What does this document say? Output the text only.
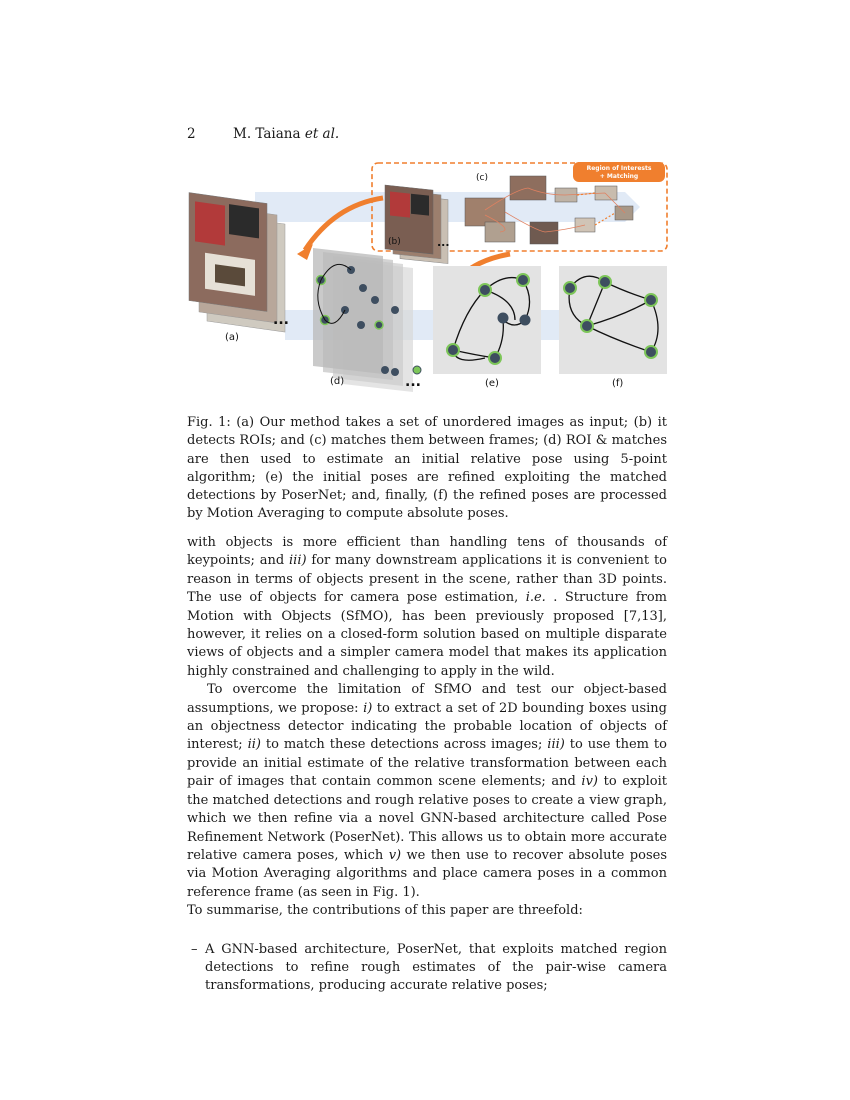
2	M. Taiana et al.
...
(a)
Region of Interests
+ Matching
(b)	...
(c)
(d)	...	(e)	(f)
Fig. 1: (a) Our method takes a set of unordered images as input; (b) it detects ROIs; and (c) matches them between frames; (d) ROI & matches are then used to estimate an initial relative pose using 5-point algorithm; (e) the initial poses are refined exploiting the matched detections by PoserNet; and, finally, (f) the refined poses are processed by Motion Averaging to compute absolute poses.

with objects is more efficient than handling tens of thousands of keypoints; and iii) for many downstream applications it is convenient to reason in terms of objects present in the scene, rather than 3D points. The use of objects for camera pose estimation, i.e. . Structure from Motion with Objects (SfMO), has been previously proposed [7,13], however, it relies on a closed-form solution based on multiple disparate views of objects and a simpler camera model that makes its application highly constrained and challenging to apply in the wild.

To overcome the limitation of SfMO and test our object-based assumptions, we propose: i) to extract a set of 2D bounding boxes using an objectness detector indicating the probable location of objects of interest; ii) to match these detections across images; iii) to use them to provide an initial estimate of the relative transformation between each pair of images that contain common scene elements; and iv) to exploit the matched detections and rough relative poses to create a view graph, which we then refine via a novel GNN-based architecture called Pose Refinement Network (PoserNet). This allows us to obtain more accurate relative camera poses, which v) we then use to recover absolute poses via Motion Averaging algorithms and place camera poses in a common reference frame (as seen in Fig. 1).

To summarise, the contributions of this paper are threefold:

– A GNN-based architecture, PoserNet, that exploits matched region detections to refine rough estimates of the pair-wise camera transformations, producing accurate relative poses;
